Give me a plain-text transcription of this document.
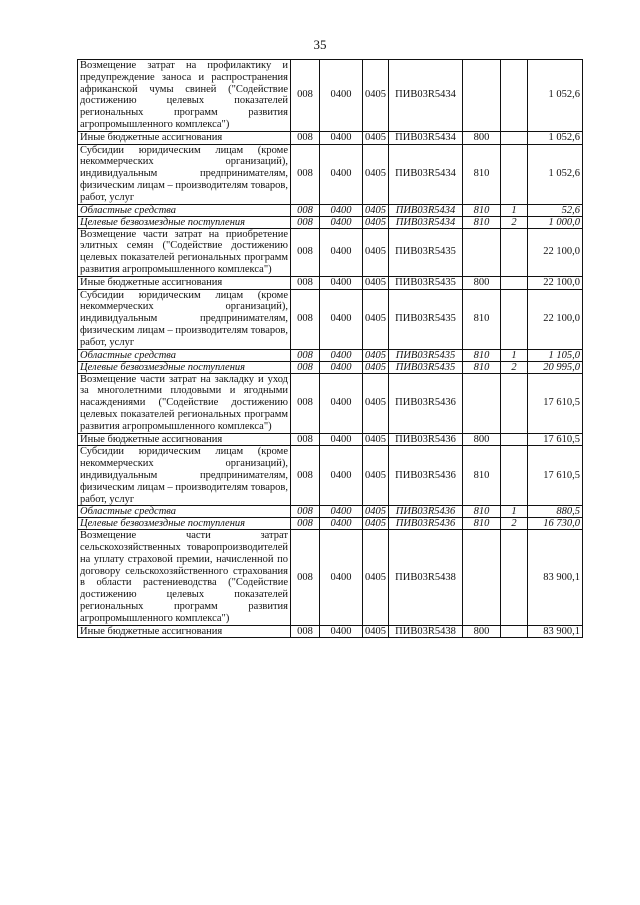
35
Возмещение затрат на профилактику и предупреждение заноса и распространения африканской чумы свиней ("Содействие достижению целевых показателей региональных программ развития агропромышленного комплекса")	008	0400	0405	ПИВ03R5434			1 052,6
Иные бюджетные ассигнования	008	0400	0405	ПИВ03R5434	800		1 052,6
Субсидии юридическим лицам (кроме некоммерческих организаций), индивидуальным предпринимателям, физическим лицам – производителям товаров, работ, услуг	008	0400	0405	ПИВ03R5434	810		1 052,6
Областные средства	008	0400	0405	ПИВ03R5434	810	1	52,6
Целевые безвозмездные поступления	008	0400	0405	ПИВ03R5434	810	2	1 000,0
Возмещение части затрат на приобретение элитных семян ("Содействие достижению целевых показателей региональных программ развития агропромышленного комплекса")	008	0400	0405	ПИВ03R5435			22 100,0
Иные бюджетные ассигнования	008	0400	0405	ПИВ03R5435	800		22 100,0
Субсидии юридическим лицам (кроме некоммерческих организаций), индивидуальным предпринимателям, физическим лицам – производителям товаров, работ, услуг	008	0400	0405	ПИВ03R5435	810		22 100,0
Областные средства	008	0400	0405	ПИВ03R5435	810	1	1 105,0
Целевые безвозмездные поступления	008	0400	0405	ПИВ03R5435	810	2	20 995,0
Возмещение части затрат на закладку и уход за многолетними плодовыми и ягодными насаждениями ("Содействие достижению целевых показателей региональных программ развития агропромышленного комплекса")	008	0400	0405	ПИВ03R5436			17 610,5
Иные бюджетные ассигнования	008	0400	0405	ПИВ03R5436	800		17 610,5
Субсидии юридическим лицам (кроме некоммерческих организаций), индивидуальным предпринимателям, физическим лицам – производителям товаров, работ, услуг	008	0400	0405	ПИВ03R5436	810		17 610,5
Областные средства	008	0400	0405	ПИВ03R5436	810	1	880,5
Целевые безвозмездные поступления	008	0400	0405	ПИВ03R5436	810	2	16 730,0
Возмещение части затрат сельскохозяйственных товаропроизводителей на уплату страховой премии, начисленной по договору сельскохозяйственного страхования в области растениеводства ("Содействие достижению целевых показателей региональных программ развития агропромышленного комплекса")	008	0400	0405	ПИВ03R5438			83 900,1
Иные бюджетные ассигнования	008	0400	0405	ПИВ03R5438	800		83 900,1
